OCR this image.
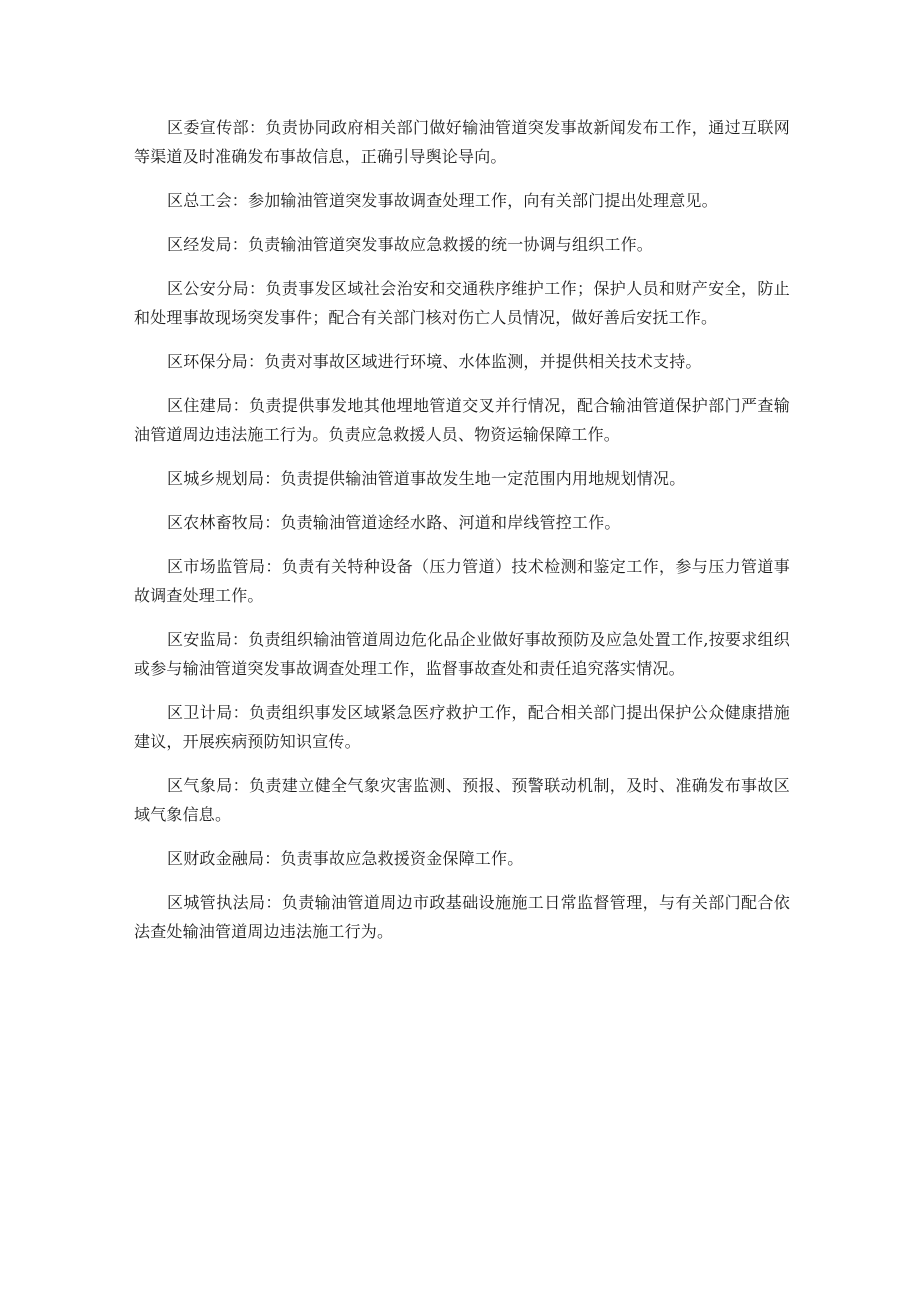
区委宣传部：负责协同政府相关部门做好输油管道突发事故新闻发布工作，通过互联网等渠道及时准确发布事故信息，正确引导舆论导向。

区总工会：参加输油管道突发事故调查处理工作，向有关部门提出处理意见。

区经发局：负责输油管道突发事故应急救援的统一协调与组织工作。

区公安分局：负责事发区域社会治安和交通秩序维护工作；保护人员和财产安全，防止和处理事故现场突发事件；配合有关部门核对伤亡人员情况，做好善后安抚工作。

区环保分局：负责对事故区域进行环境、水体监测，并提供相关技术支持。

区住建局：负责提供事发地其他埋地管道交叉并行情况，配合输油管道保护部门严查输油管道周边违法施工行为。负责应急救援人员、物资运输保障工作。

区城乡规划局：负责提供输油管道事故发生地一定范围内用地规划情况。

区农林畜牧局：负责输油管道途经水路、河道和岸线管控工作。

区市场监管局：负责有关特种设备（压力管道）技术检测和鉴定工作，参与压力管道事故调查处理工作。

区安监局：负责组织输油管道周边危化品企业做好事故预防及应急处置工作,按要求组织或参与输油管道突发事故调查处理工作，监督事故查处和责任追究落实情况。

区卫计局：负责组织事发区域紧急医疗救护工作，配合相关部门提出保护公众健康措施建议，开展疾病预防知识宣传。

区气象局：负责建立健全气象灾害监测、预报、预警联动机制，及时、准确发布事故区域气象信息。

区财政金融局：负责事故应急救援资金保障工作。

区城管执法局：负责输油管道周边市政基础设施施工日常监督管理，与有关部门配合依法查处输油管道周边违法施工行为。
